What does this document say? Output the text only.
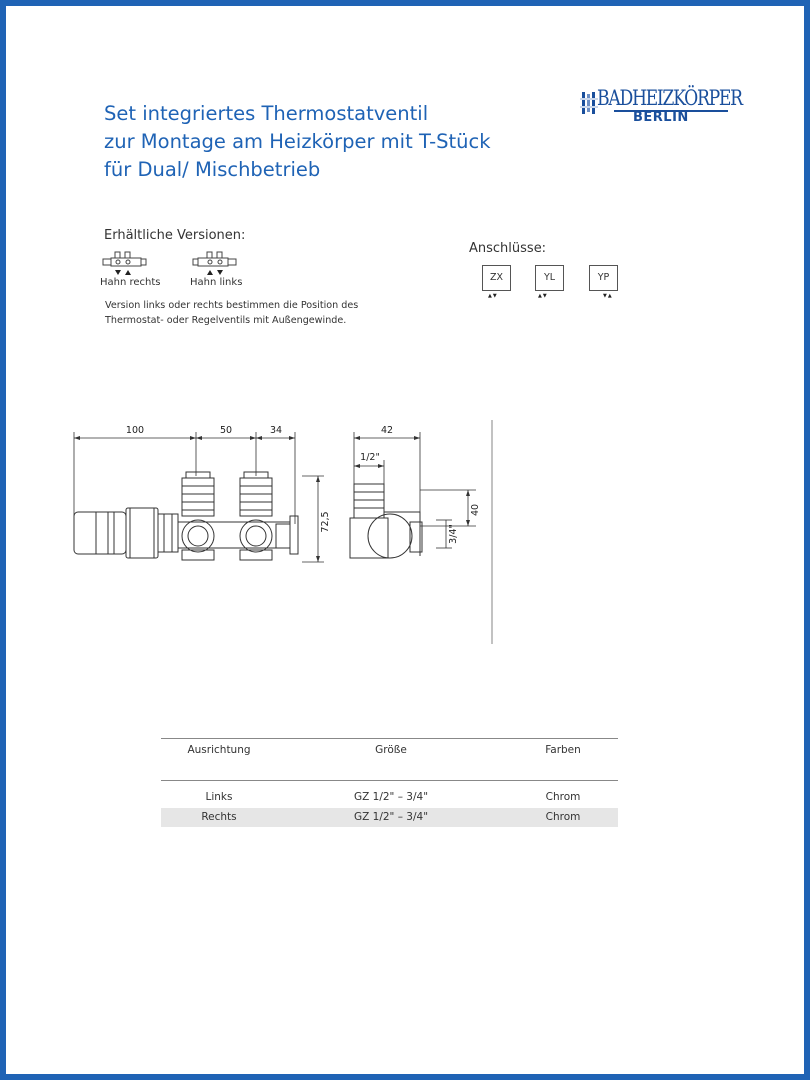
Set integriertes Thermostatventil
zur Montage am Heizkörper mit T-Stück
für Dual/ Mischbetrieb
BADHEIZKÖRPER
BERLIN
Erhältliche Versionen:
Hahn rechts	Hahn links
Version links oder rechts bestimmen die Position des
Thermostat- oder Regelventils mit Außengewinde.
Anschlüsse:
ZX
▲▼
YL
▲▼
YP
▼▲
100	50	34	42
1/2"
72,5
40
3/4"
Ausrichtung	Größe	Farben
Links	GZ 1/2" – 3/4"	Chrom
Rechts	GZ 1/2" – 3/4"	Chrom
